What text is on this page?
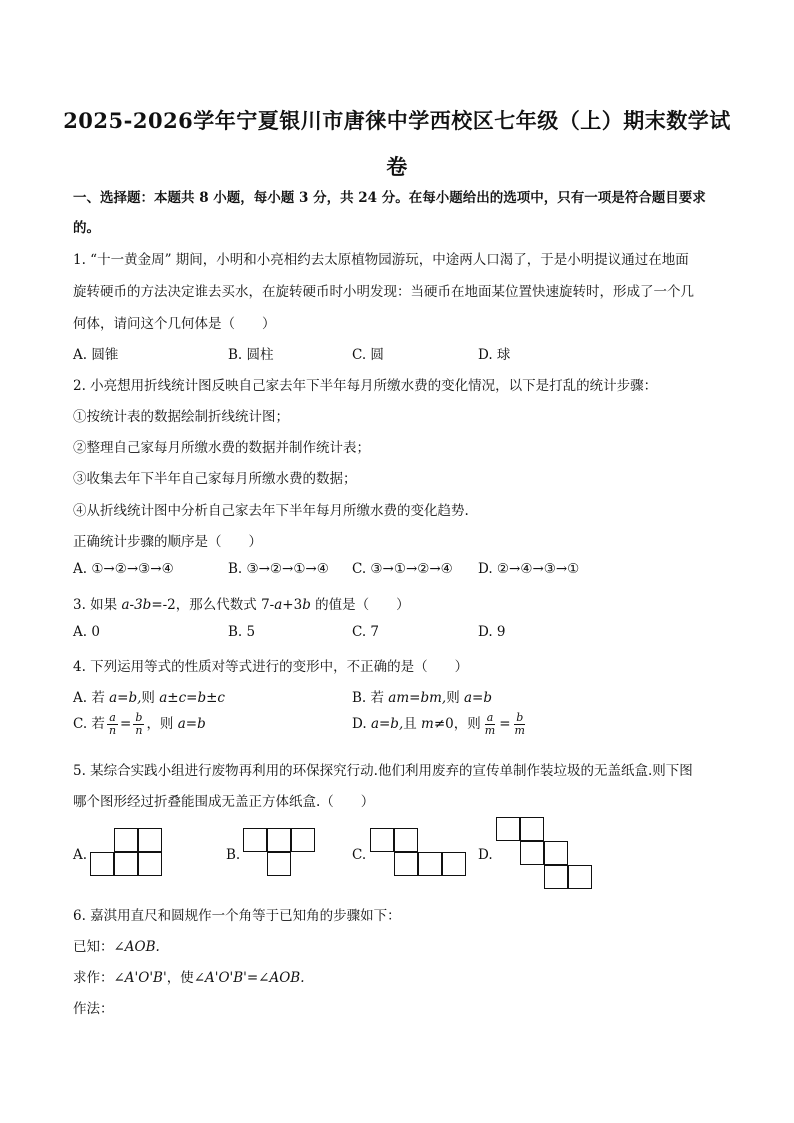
2025-2026学年宁夏银川市唐徕中学西校区七年级（上）期末数学试
卷
一、选择题：本题共 8 小题，每小题 3 分，共 24 分。在每小题给出的选项中，只有一项是符合题目要求
的。
1. “十一黄金周” 期间，小明和小亮相约去太原植物园游玩，中途两人口渴了，于是小明提议通过在地面
旋转硬币的方法决定谁去买水，在旋转硬币时小明发现：当硬币在地面某位置快速旋转时，形成了一个几
何体，请问这个几何体是（　　）
A. 圆锥	B. 圆柱	C. 圆	D. 球
2. 小亮想用折线统计图反映自己家去年下半年每月所缴水费的变化情况，以下是打乱的统计步骤：
①按统计表的数据绘制折线统计图；
②整理自己家每月所缴水费的数据并制作统计表；
③收集去年下半年自己家每月所缴水费的数据；
④从折线统计图中分析自己家去年下半年每月所缴水费的变化趋势.
正确统计步骤的顺序是（　　）
A. ①→②→③→④	B. ③→②→①→④ C. ③→①→②→④ D. ②→④→③→①
3. 如果 a-3b=-2，那么代数式 7-a+3b 的值是（　　）
A. 0	B. 5	C. 7	D. 9
4. 下列运用等式的性质对等式进行的变形中，不正确的是（　　）
A. 若 a=b,则 a±c=b±c	B. 若 am=bm,则 a=b
C. 若 $\frac{a}{n} = \frac{b}{n}$ ，则 a=b	D. a=b,且 m≠0，则 $\frac{a}{m} = \frac{b}{m}$
5. 某综合实践小组进行废物再利用的环保探究行动.他们利用废弃的宣传单制作装垃圾的无盖纸盒.则下图
哪个图形经过折叠能围成无盖正方体纸盒.（　　）
A.	B.	C.	D.
6. 嘉淇用直尺和圆规作一个角等于已知角的步骤如下：
已知：∠AOB.
求作：∠A'O'B'，使∠A'O'B'=∠AOB.
作法：
